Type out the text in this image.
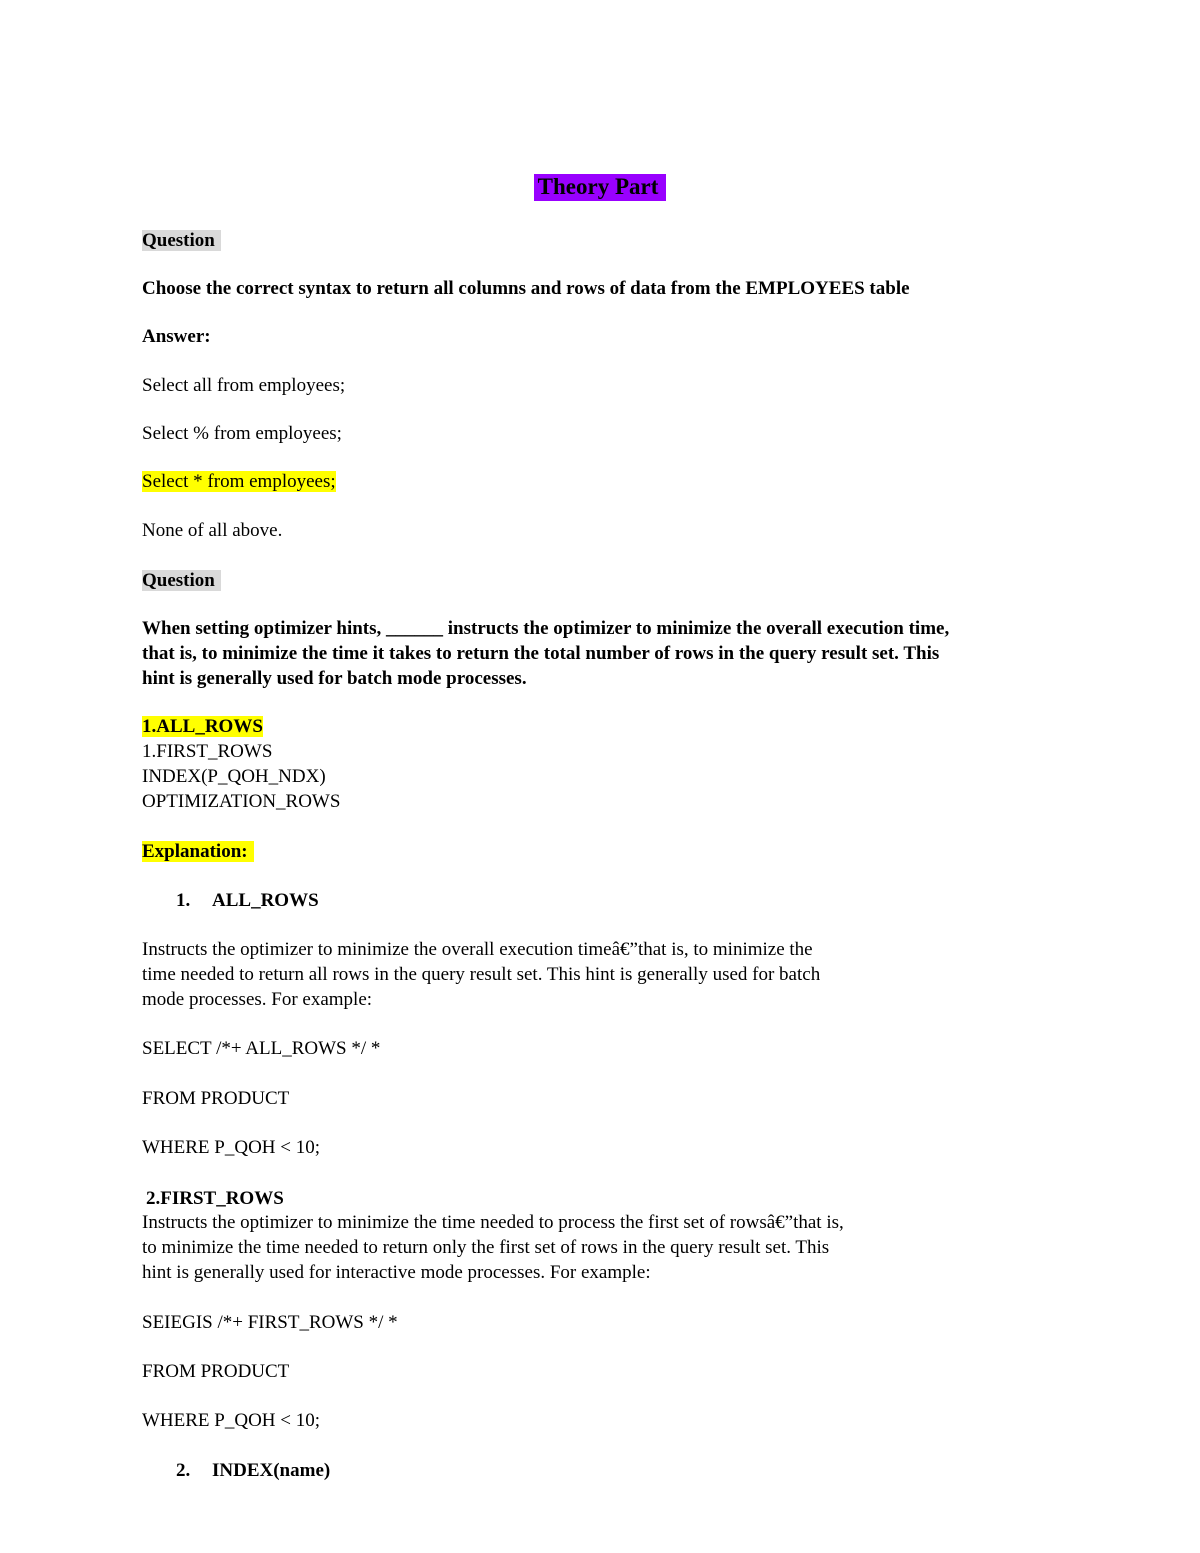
Theory Part
Question
Choose the correct syntax to return all columns and rows of data from the EMPLOYEES table
Answer:
Select all from employees;
Select % from employees;
Select * from employees;
None of all above.
Question
When setting optimizer hints, ______ instructs the optimizer to minimize the overall execution time,
that is, to minimize the time it takes to return the total number of rows in the query result set. This
hint is generally used for batch mode processes.
1.ALL_ROWS
1.FIRST_ROWS
INDEX(P_QOH_NDX)
OPTIMIZATION_ROWS
Explanation:
1. ALL_ROWS
Instructs the optimizer to minimize the overall execution timeâ€”that is, to minimize the
time needed to return all rows in the query result set. This hint is generally used for batch
mode processes. For example:
SELECT /*+ ALL_ROWS */ *
FROM PRODUCT
WHERE P_QOH < 10;
2.FIRST_ROWS
Instructs the optimizer to minimize the time needed to process the first set of rowsâ€”that is,
to minimize the time needed to return only the first set of rows in the query result set. This
hint is generally used for interactive mode processes. For example:
SEIEGIS /*+ FIRST_ROWS */ *
FROM PRODUCT
WHERE P_QOH < 10;
2. INDEX(name)
